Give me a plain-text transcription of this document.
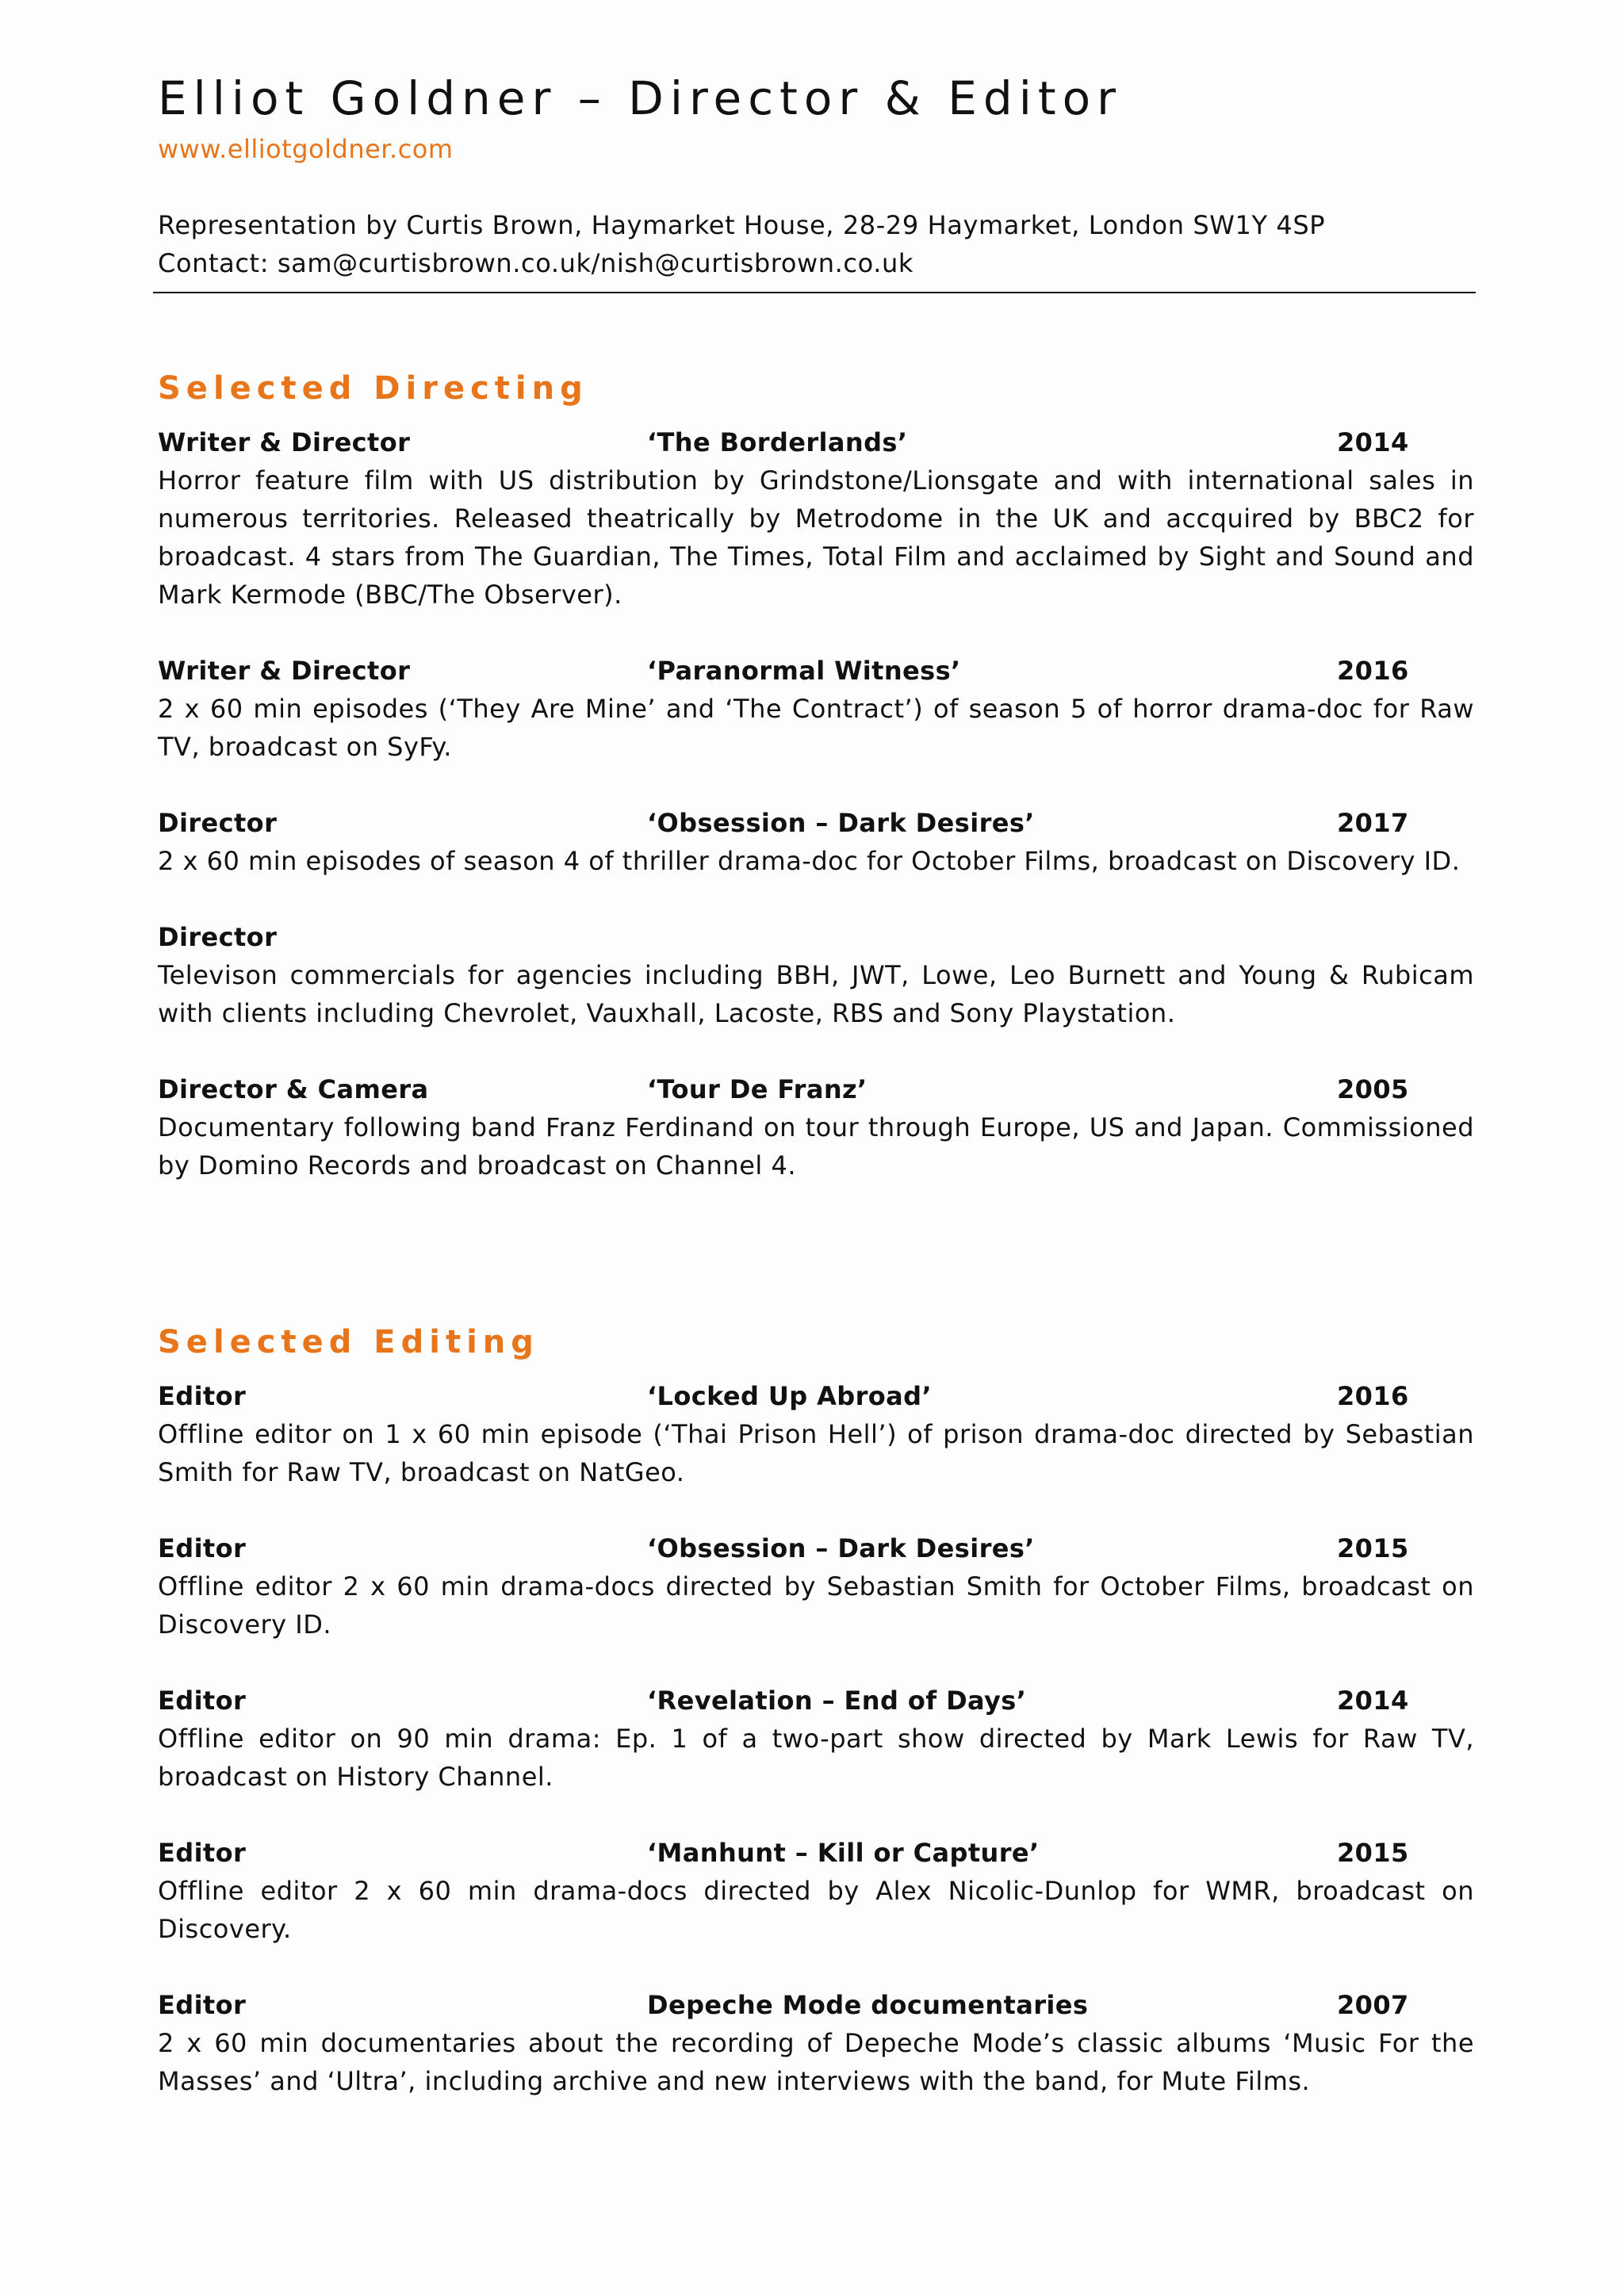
Elliot Goldner – Director & Editor
www.elliotgoldner.com
Representation by Curtis Brown, Haymarket House, 28-29 Haymarket, London SW1Y 4SP
Contact: sam@curtisbrown.co.uk/nish@curtisbrown.co.uk
Selected Directing
Writer & Director	‘The Borderlands’	2014

Horror feature film with US distribution by Grindstone/Lionsgate and with international sales in numerous territories. Released theatrically by Metrodome in the UK and accquired by BBC2 for broadcast. 4 stars from The Guardian, The Times, Total Film and acclaimed by Sight and Sound and Mark Kermode (BBC/The Observer).

Writer & Director	‘Paranormal Witness’	2016

2 x 60 min episodes (‘They Are Mine’ and ‘The Contract’) of season 5 of horror drama-doc for Raw TV, broadcast on SyFy.

Director	‘Obsession – Dark Desires’	2017

2 x 60 min episodes of season 4 of thriller drama-doc for October Films, broadcast on Discovery ID.

Director

Televison commercials for agencies including BBH, JWT, Lowe, Leo Burnett and Young & Rubicam with clients including Chevrolet, Vauxhall, Lacoste, RBS and Sony Playstation.

Director & Camera	‘Tour De Franz’	2005

Documentary following band Franz Ferdinand on tour through Europe, US and Japan. Commissioned by Domino Records and broadcast on Channel 4.

Selected Editing
Editor	‘Locked Up Abroad’	2016

Offline editor on 1 x 60 min episode (‘Thai Prison Hell’) of prison drama-doc directed by Sebastian Smith for Raw TV, broadcast on NatGeo.

Editor	‘Obsession – Dark Desires’	2015

Offline editor 2 x 60 min drama-docs directed by Sebastian Smith for October Films, broadcast on Discovery ID.

Editor	‘Revelation – End of Days’	2014

Offline editor on 90 min drama: Ep. 1 of a two-part show directed by Mark Lewis for Raw TV, broadcast on History Channel.

Editor	‘Manhunt – Kill or Capture’	2015

Offline editor 2 x 60 min drama-docs directed by Alex Nicolic-Dunlop for WMR, broadcast on Discovery.

Editor	Depeche Mode documentaries	2007

2 x 60 min documentaries about the recording of Depeche Mode’s classic albums ‘Music For the Masses’ and ‘Ultra’, including archive and new interviews with the band, for Mute Films.
